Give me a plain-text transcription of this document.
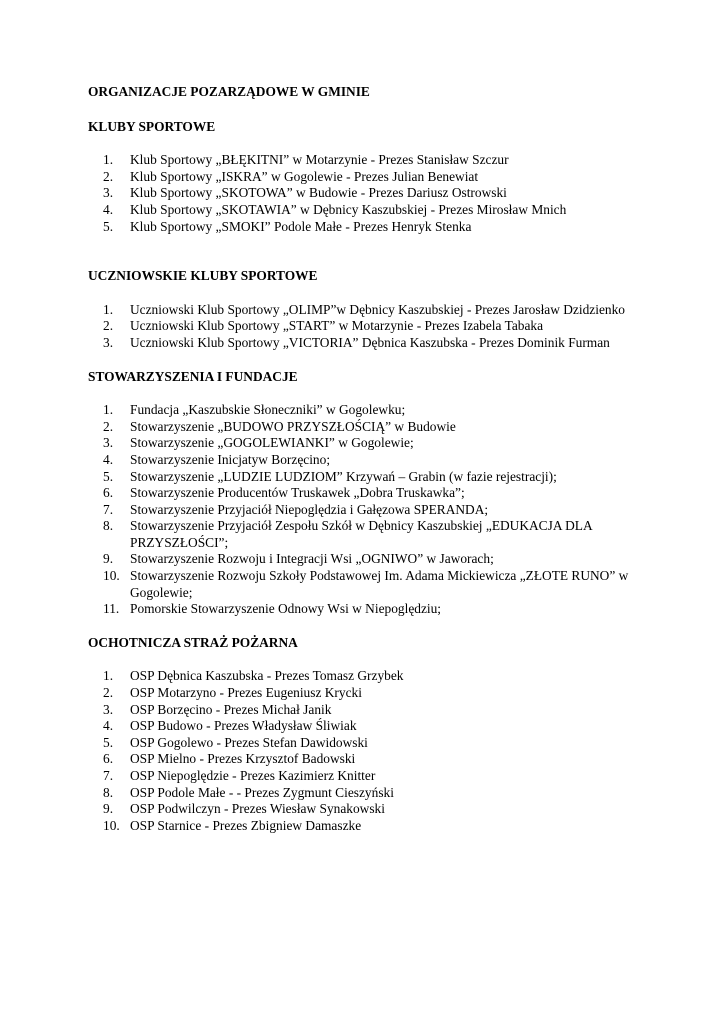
ORGANIZACJE POZARZĄDOWE W GMINIE

KLUBY SPORTOWE

1.	Klub Sportowy „BŁĘKITNI” w Motarzynie - Prezes Stanisław Szczur
2.	Klub Sportowy „ISKRA” w Gogolewie - Prezes Julian Benewiat
3.	Klub Sportowy „SKOTOWA” w Budowie - Prezes Dariusz Ostrowski
4.	Klub Sportowy „SKOTAWIA” w Dębnicy Kaszubskiej - Prezes Mirosław Mnich
5.	Klub Sportowy „SMOKI” Podole Małe - Prezes Henryk Stenka

UCZNIOWSKIE KLUBY SPORTOWE

1.	Uczniowski Klub Sportowy „OLIMP”w Dębnicy Kaszubskiej - Prezes Jarosław Dzidzienko
2.	Uczniowski Klub Sportowy „START” w Motarzynie - Prezes Izabela Tabaka
3.	Uczniowski Klub Sportowy „VICTORIA” Dębnica Kaszubska - Prezes Dominik Furman

STOWARZYSZENIA I FUNDACJE

1.	Fundacja „Kaszubskie Słoneczniki” w Gogolewku;
2.	Stowarzyszenie „BUDOWO PRZYSZŁOŚCIĄ” w Budowie
3.	Stowarzyszenie „GOGOLEWIANKI” w Gogolewie;
4.	Stowarzyszenie Inicjatyw Borzęcino;
5.	Stowarzyszenie „LUDZIE LUDZIOM” Krzywań – Grabin (w fazie rejestracji);
6.	Stowarzyszenie Producentów Truskawek „Dobra Truskawka”;
7.	Stowarzyszenie Przyjaciół Niepoględzia i Gałęzowa SPERANDA;
8.	Stowarzyszenie Przyjaciół Zespołu Szkół w Dębnicy Kaszubskiej „EDUKACJA DLA PRZYSZŁOŚCI”;
9.	Stowarzyszenie Rozwoju i Integracji Wsi „OGNIWO” w Jaworach;
10. Stowarzyszenie Rozwoju Szkoły Podstawowej Im. Adama Mickiewicza „ZŁOTE RUNO” w Gogolewie;
11. Pomorskie Stowarzyszenie Odnowy Wsi w Niepoględziu;

OCHOTNICZA STRAŻ POŻARNA

1.	OSP Dębnica Kaszubska - Prezes Tomasz Grzybek
2.	OSP Motarzyno - Prezes Eugeniusz Krycki
3.	OSP Borzęcino - Prezes Michał Janik
4.	OSP Budowo - Prezes Władysław Śliwiak
5.	OSP Gogolewo - Prezes Stefan Dawidowski
6.	OSP Mielno - Prezes Krzysztof Badowski
7.	OSP Niepoględzie - Prezes Kazimierz Knitter
8.	OSP Podole Małe - - Prezes Zygmunt Cieszyński
9.	OSP Podwilczyn - Prezes Wiesław Synakowski
10. OSP Starnice - Prezes Zbigniew Damaszke
